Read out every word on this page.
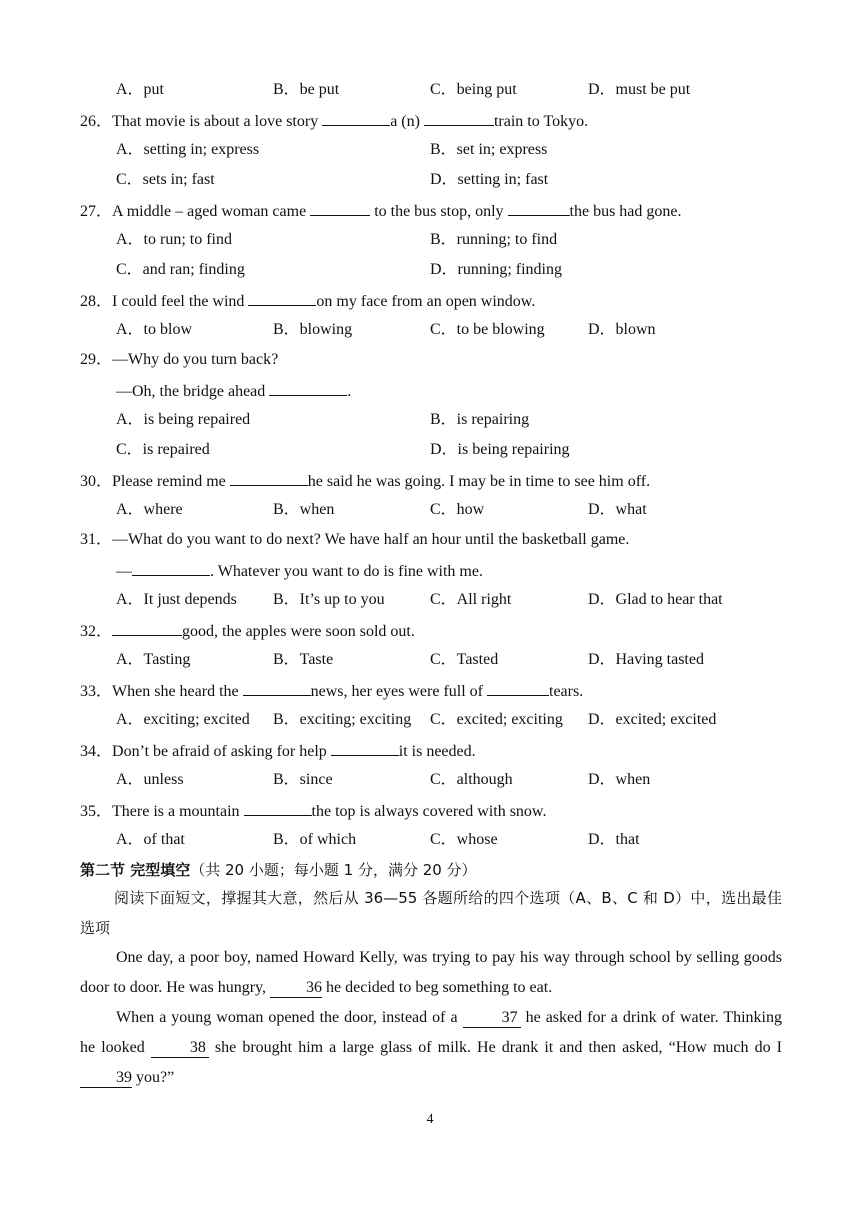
A．put	B．be put	C．being put	D．must be put
26．That movie is about a love story	a (n)	train to Tokyo.
A．setting in; express	B．set in; express
C．sets in; fast	D．setting in; fast
27．A middle – aged woman came	to the bus stop, only	the bus had gone.
A．to run; to find	B．running; to find
C．and ran; finding	D．running; finding
28．I could feel the wind	on my face from an open window.
A．to blow	B．blowing	C．to be blowing	D．blown
29．—Why do you turn back?
—Oh, the bridge ahead	.
A．is being repaired	B．is repairing
C．is repaired	D．is being repairing
30．Please remind me	he said he was going. I may be in time to see him off.
A．where	B．when	C．how	D．what
31．—What do you want to do next? We have half an hour until the basketball game.
—	. Whatever you want to do is fine with me.
A．It just depends B．It’s up to you	C．All right	D．Glad to hear that
32．	good, the apples were soon sold out.
A．Tasting	B．Taste	C．Tasted	D．Having tasted
33．When she heard the	news, her eyes were full of	tears.
A．exciting; excited B．exciting; exciting C．excited; exciting D．excited; excited
34．Don’t be afraid of asking for help	it is needed.
A．unless	B．since	C．although	D．when
35．There is a mountain	the top is always covered with snow.
A．of that	B．of which	C．whose	D．that
第二节 完型填空（共 20 小题；每小题 1 分，满分 20 分）
阅读下面短文，撑握其大意，然后从 36—55 各题所给的四个选项（A、B、C 和 D）中，选出最佳选项
One day, a poor boy, named Howard Kelly, was trying to pay his way through school by selling goods door to door. He was hungry, 36 he decided to beg something to eat.
When a young woman opened the door, instead of a 37 he asked for a drink of water. Thinking he looked 38 she brought him a large glass of milk. He drank it and then asked, “How much do I 39 you?”
4
